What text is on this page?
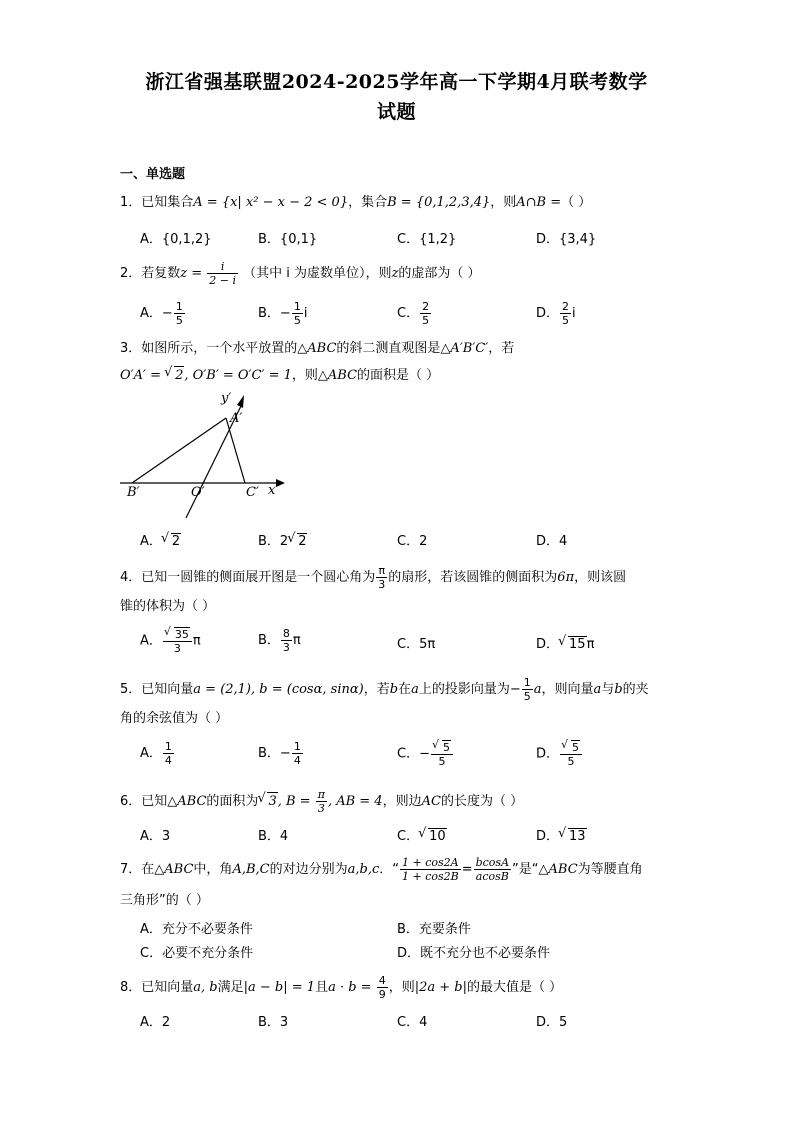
浙江省强基联盟2024-2025学年高一下学期4月联考数学
试题
一、单选题
1．已知集合A = {x| x² − x − 2 < 0}，集合B = {0,1,2,3,4}，则A∩B =（ ）
A．{0,1,2}	B．{0,1}	C．{1,2}	D．{3,4}
2．若复数$z = \frac{i}{2 - i}$ （其中 i 为虚数单位），则z的虚部为（ ）
A．− $\frac{1}{5}$	B．− $\frac{1}{5}$ i	C． $\frac{2}{5}$	D． $\frac{2}{5}$ i
3．如图所示，一个水平放置的△ABC的斜二测直观图是△A′B′C′，若
O′A′ = √ 2, O′B′ = O′C′ = 1，则△ABC的面积是（ ）
y′
A′
B′	O′	C′ x′
A． √ 2	B．2 √ 2	C．2	D．4
4．已知一圆锥的侧面展开图是一个圆心角为 $\frac{\pi}{3}$ 的扇形，若该圆锥的侧面积为6π，则该圆
锥的体积为（ ）
A． √ $\frac{35}{3}$ π	B． $\frac{8}{3}$ π	C．5π	D． √ 15π
5．已知向量a = (2,1), b = (cosα, sinα)，若b在a上的投影向量为− $\frac{1}{5}$ a，则向量a与b的夹
角的余弦值为（ ）
A． $\frac{1}{4}$	B．− $\frac{1}{4}$	C．− √ $\frac{5}{5}$	D． √ $\frac{5}{5}$
6．已知△ABC的面积为 √ 3, $B = \frac{\pi}{3}$ , AB = 4，则边AC的长度为（ ）
A．3	B．4	C． √ 10	D． √ 13
7．在△ABC中，角A,B,C的对边分别为a,b,c．“ $\frac{1 + \cos 2A}{1 + \cos 2B} = \frac{bcosA}{acosB}$ ”是“△ABC为等腰直角
三角形”的（ ）
A．充分不必要条件	B．充要条件
C．必要不充分条件	D．既不充分也不必要条件
8．已知向量a, b满足|a − b| = 1且$a \cdot b = \frac{4}{9}$ ，则|2a + b|的最大值是（ ）
A．2	B．3	C．4	D．5
